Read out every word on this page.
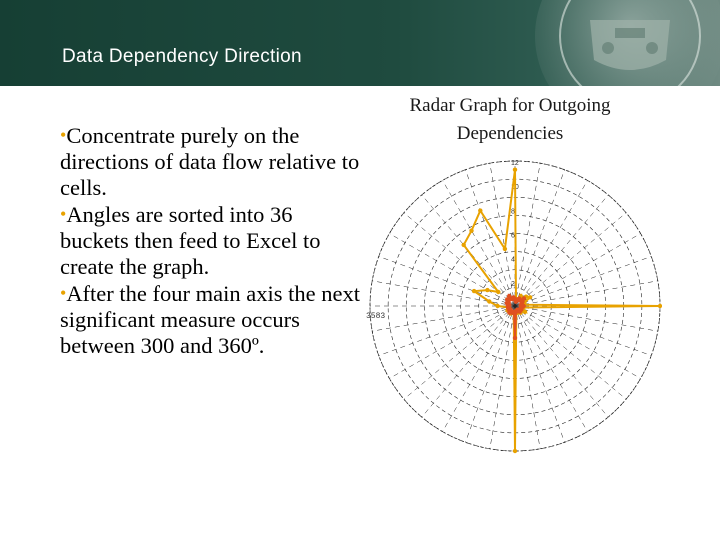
Data Dependency Direction

•Concentrate purely on the directions of data flow relative to cells.

•Angles are sorted into 36 buckets then feed to Excel to create the graph.

•After the four main axis the next significant measure occurs between 300 and 360º.

Radar Graph for Outgoing Dependencies
2
4
6
8
10
12
3583
